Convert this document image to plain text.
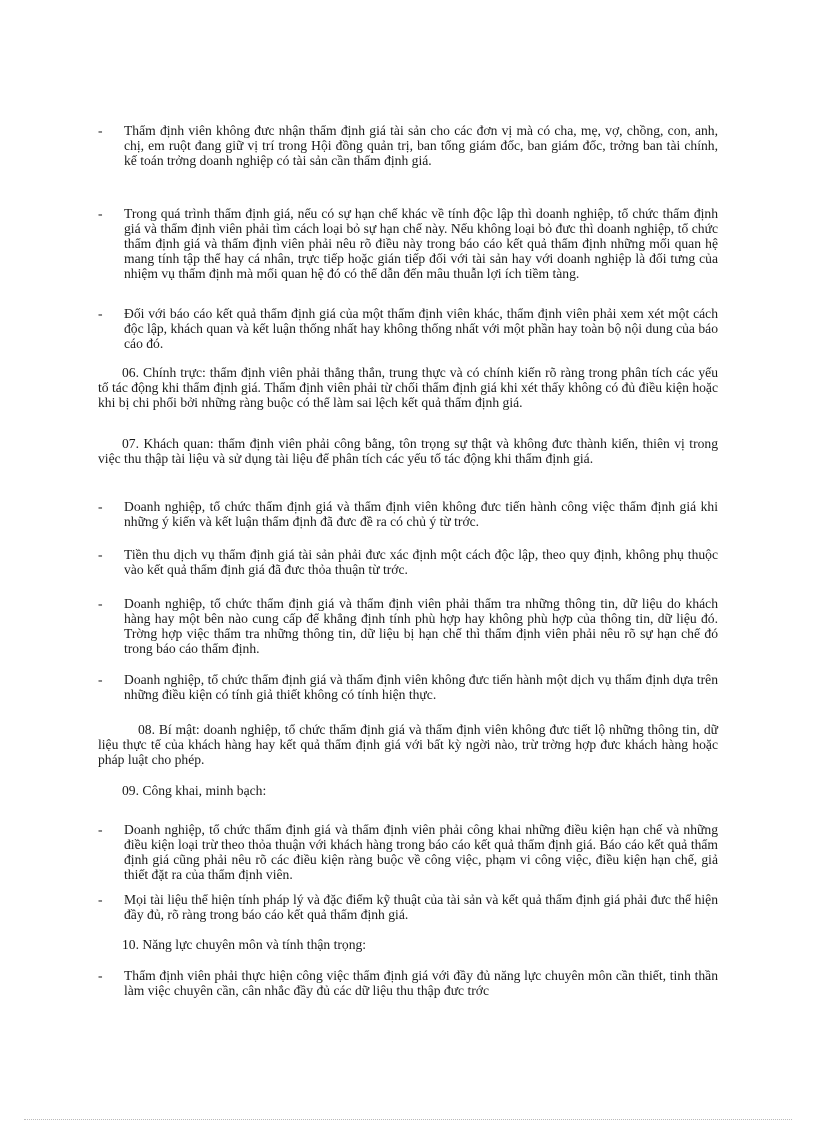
- Thẩm định viên không đưc nhận thẩm định giá tài sản cho các đơn vị mà có cha, mẹ, vợ, chồng, con, anh, chị, em ruột đang giữ vị trí trong Hội đồng quản trị, ban tổng giám đốc, ban giám đốc, trởng ban tài chính, kế toán trởng doanh nghiệp có tài sản cần thẩm định giá.
- Trong quá trình thẩm định giá, nếu có sự hạn chế khác về tính độc lập thì doanh nghiệp, tổ chức thẩm định giá và thẩm định viên phải tìm cách loại bỏ sự hạn chế này. Nếu không loại bỏ đưc thì doanh nghiệp, tổ chức thẩm định giá và thẩm định viên phải nêu rõ điều này trong báo cáo kết quả thẩm định những mối quan hệ mang tính tập thể hay cá nhân, trực tiếp hoặc gián tiếp đối với tài sản hay với doanh nghiệp là đối tưng của nhiệm vụ thẩm định mà mối quan hệ đó có thể dẫn đến mâu thuẫn lợi ích tiềm tàng.
- Đối với báo cáo kết quả thẩm định giá của một thẩm định viên khác, thẩm định viên phải xem xét một cách độc lập, khách quan và kết luận thống nhất hay không thống nhất với một phần hay toàn bộ nội dung của báo cáo đó.
06. Chính trực: thẩm định viên phải thẳng thắn, trung thực và có chính kiến rõ ràng trong phân tích các yếu tố tác động khi thẩm định giá. Thẩm định viên phải từ chối thẩm định giá khi xét thấy không có đủ điều kiện hoặc khi bị chi phối bởi những ràng buộc có thể làm sai lệch kết quả thẩm định giá.
07. Khách quan: thẩm định viên phải công bằng, tôn trọng sự thật và không đưc thành kiến, thiên vị trong việc thu thập tài liệu và sử dụng tài liệu để phân tích các yếu tố tác động khi thẩm định giá.
- Doanh nghiệp, tổ chức thẩm định giá và thẩm định viên không đưc tiến hành công việc thẩm định giá khi những ý kiến và kết luận thẩm định đã đưc đề ra có chủ ý từ trớc.
- Tiền thu dịch vụ thẩm định giá tài sản phải đưc xác định một cách độc lập, theo quy định, không phụ thuộc vào kết quả thẩm định giá đã đưc thỏa thuận từ trớc.
- Doanh nghiệp, tổ chức thẩm định giá và thẩm định viên phải thẩm tra những thông tin, dữ liệu do khách hàng hay một bên nào cung cấp để khẳng định tính phù hợp hay không phù hợp của thông tin, dữ liệu đó. Trờng hợp việc thẩm tra những thông tin, dữ liệu bị hạn chế thì thẩm định viên phải nêu rõ sự hạn chế đó trong báo cáo thẩm định.
- Doanh nghiệp, tổ chức thẩm định giá và thẩm định viên không đưc tiến hành một dịch vụ thẩm định dựa trên những điều kiện có tính giả thiết không có tính hiện thực.
08. Bí mật: doanh nghiệp, tổ chức thẩm định giá và thẩm định viên không đưc tiết lộ những thông tin, dữ liệu thực tế của khách hàng hay kết quả thẩm định giá với bất kỳ ngời nào, trừ trờng hợp đưc khách hàng hoặc pháp luật cho phép.
09. Công khai, minh bạch:
- Doanh nghiệp, tổ chức thẩm định giá và thẩm định viên phải công khai những điều kiện hạn chế và những điều kiện loại trừ theo thỏa thuận với khách hàng trong báo cáo kết quả thẩm định giá. Báo cáo kết quả thẩm định giá cũng phải nêu rõ các điều kiện ràng buộc về công việc, phạm vi công việc, điều kiện hạn chế, giả thiết đặt ra của thẩm định viên.
- Mọi tài liệu thể hiện tính pháp lý và đặc điểm kỹ thuật của tài sản và kết quả thẩm định giá phải đưc thể hiện đầy đủ, rõ ràng trong báo cáo kết quả thẩm định giá.
10. Năng lực chuyên môn và tính thận trọng:
- Thẩm định viên phải thực hiện công việc thẩm định giá với đầy đủ năng lực chuyên môn cần thiết, tinh thần làm việc chuyên cần, cân nhắc đầy đủ các dữ liệu thu thập đưc trớc
